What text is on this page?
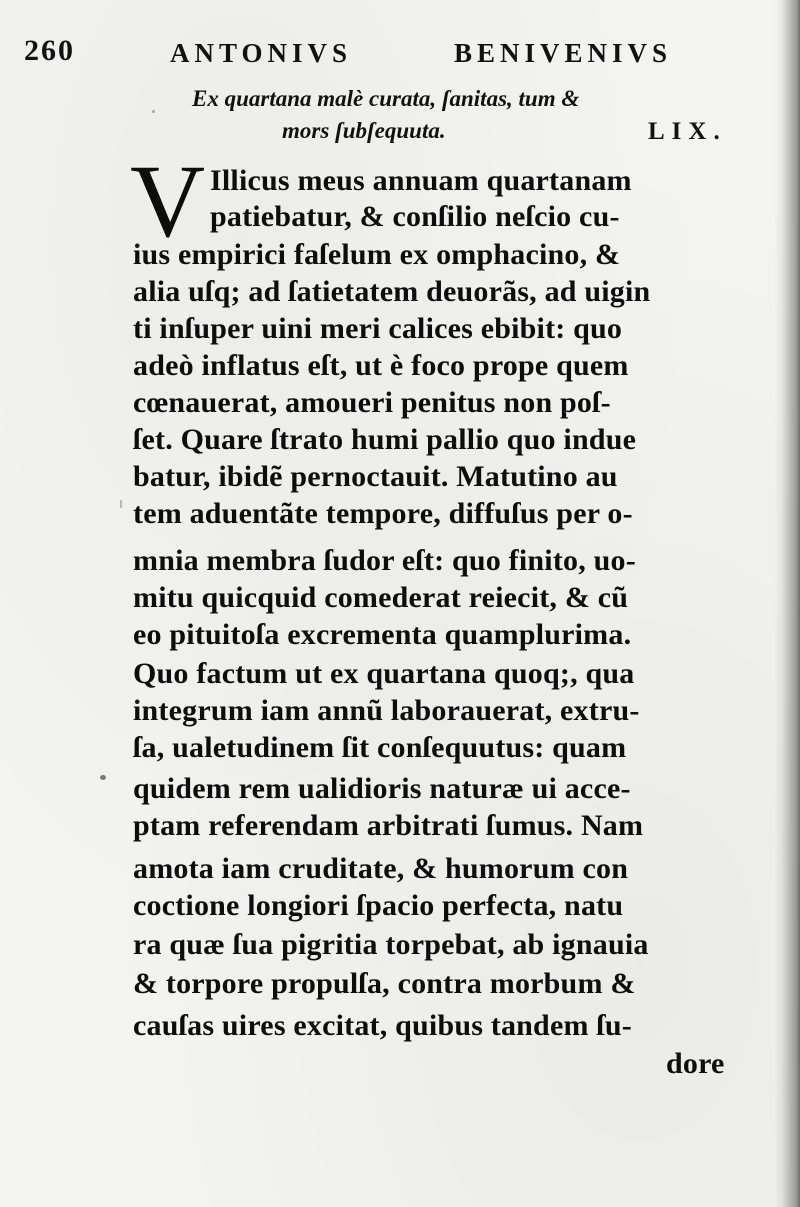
260	ANTONIVS	BENIVENIVS
Ex quartana malè curata, ſanitas, tum &
mors ſubſequuta.	LIX.
V Illicus meus annuam quartanam
patiebatur, & conſilio neſcio cu-
ius empirici faſelum ex omphacino, &
alia uſq; ad ſatietatem deuorãs, ad uigin
ti inſuper uini meri calices ebibit: quo
adeò inflatus eſt, ut è foco prope quem
cœnauerat, amoueri penitus non poſ-
ſet. Quare ſtrato humi pallio quo indue
batur, ibidẽ pernoctauit. Matutino au
tem aduentãte tempore, diffuſus per o-
mnia membra ſudor eſt: quo finito, uo-
mitu quicquid comederat reiecit, & cũ
eo pituitoſa excrementa quamplurima.
Quo factum ut ex quartana quoq;, qua
integrum iam annũ laborauerat, extru-
ſa, ualetudinem ſit conſequutus: quam
quidem rem ualidioris naturæ ui acce-
ptam referendam arbitrati ſumus. Nam
amota iam cruditate, & humorum con
coctione longiori ſpacio perfecta, natu
ra quæ ſua pigritia torpebat, ab ignauia
& torpore propulſa, contra morbum &
cauſas uires excitat, quibus tandem ſu-
dore
